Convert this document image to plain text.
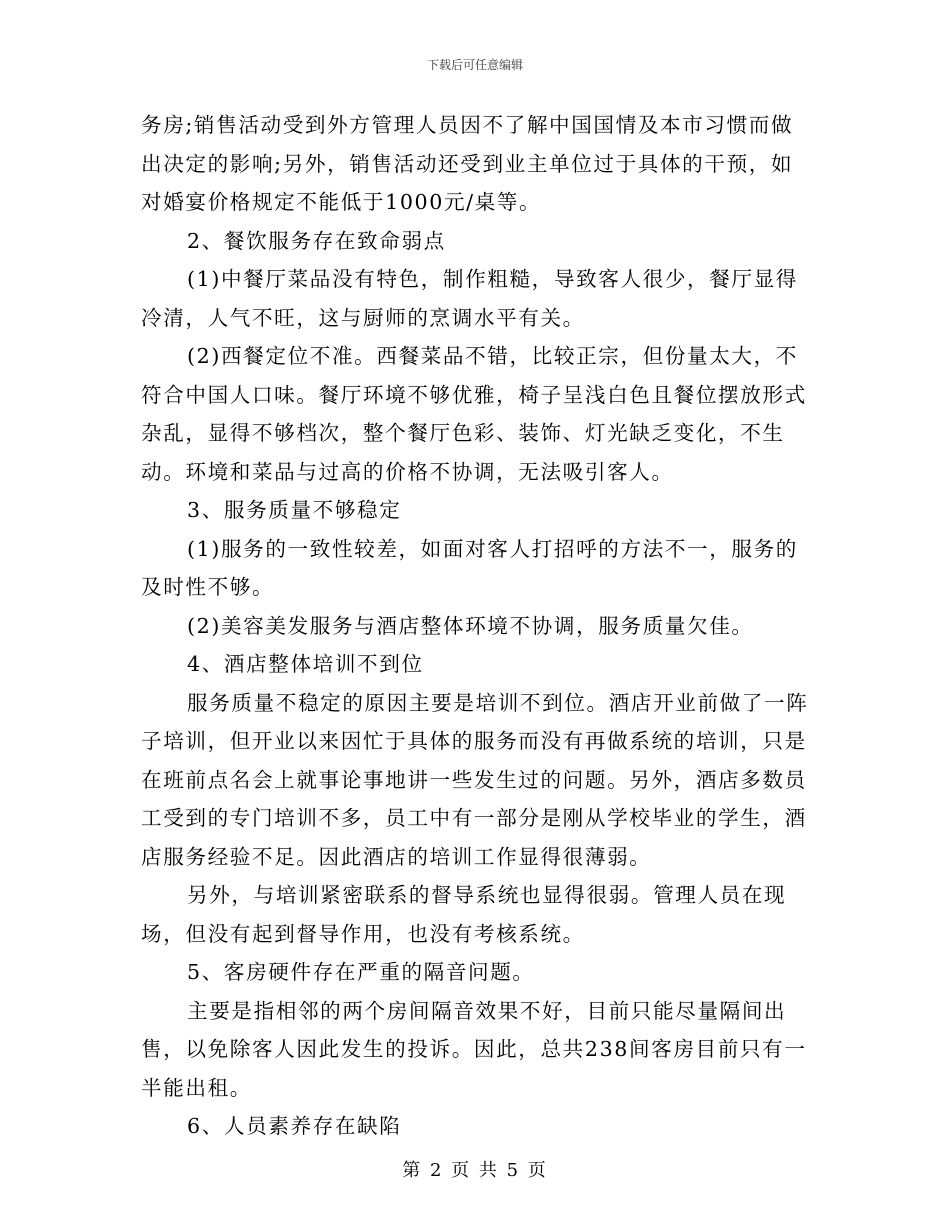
下载后可任意编辑

务房;销售活动受到外方管理人员因不了解中国国情及本市习惯而做出决定的影响;另外，销售活动还受到业主单位过于具体的干预，如对婚宴价格规定不能低于1000元/桌等。

2、餐饮服务存在致命弱点

(1)中餐厅菜品没有特色，制作粗糙，导致客人很少，餐厅显得冷清，人气不旺，这与厨师的烹调水平有关。

(2)西餐定位不准。西餐菜品不错，比较正宗，但份量太大，不符合中国人口味。餐厅环境不够优雅，椅子呈浅白色且餐位摆放形式杂乱，显得不够档次，整个餐厅色彩、装饰、灯光缺乏变化，不生动。环境和菜品与过高的价格不协调，无法吸引客人。

3、服务质量不够稳定

(1)服务的一致性较差，如面对客人打招呼的方法不一，服务的及时性不够。

(2)美容美发服务与酒店整体环境不协调，服务质量欠佳。

4、酒店整体培训不到位

服务质量不稳定的原因主要是培训不到位。酒店开业前做了一阵子培训，但开业以来因忙于具体的服务而没有再做系统的培训，只是在班前点名会上就事论事地讲一些发生过的问题。另外，酒店多数员工受到的专门培训不多，员工中有一部分是刚从学校毕业的学生，酒店服务经验不足。因此酒店的培训工作显得很薄弱。

另外，与培训紧密联系的督导系统也显得很弱。管理人员在现场，但没有起到督导作用，也没有考核系统。

5、客房硬件存在严重的隔音问题。

主要是指相邻的两个房间隔音效果不好，目前只能尽量隔间出售，以免除客人因此发生的投诉。因此，总共238间客房目前只有一半能出租。

6、人员素养存在缺陷

第 2 页 共 5 页
